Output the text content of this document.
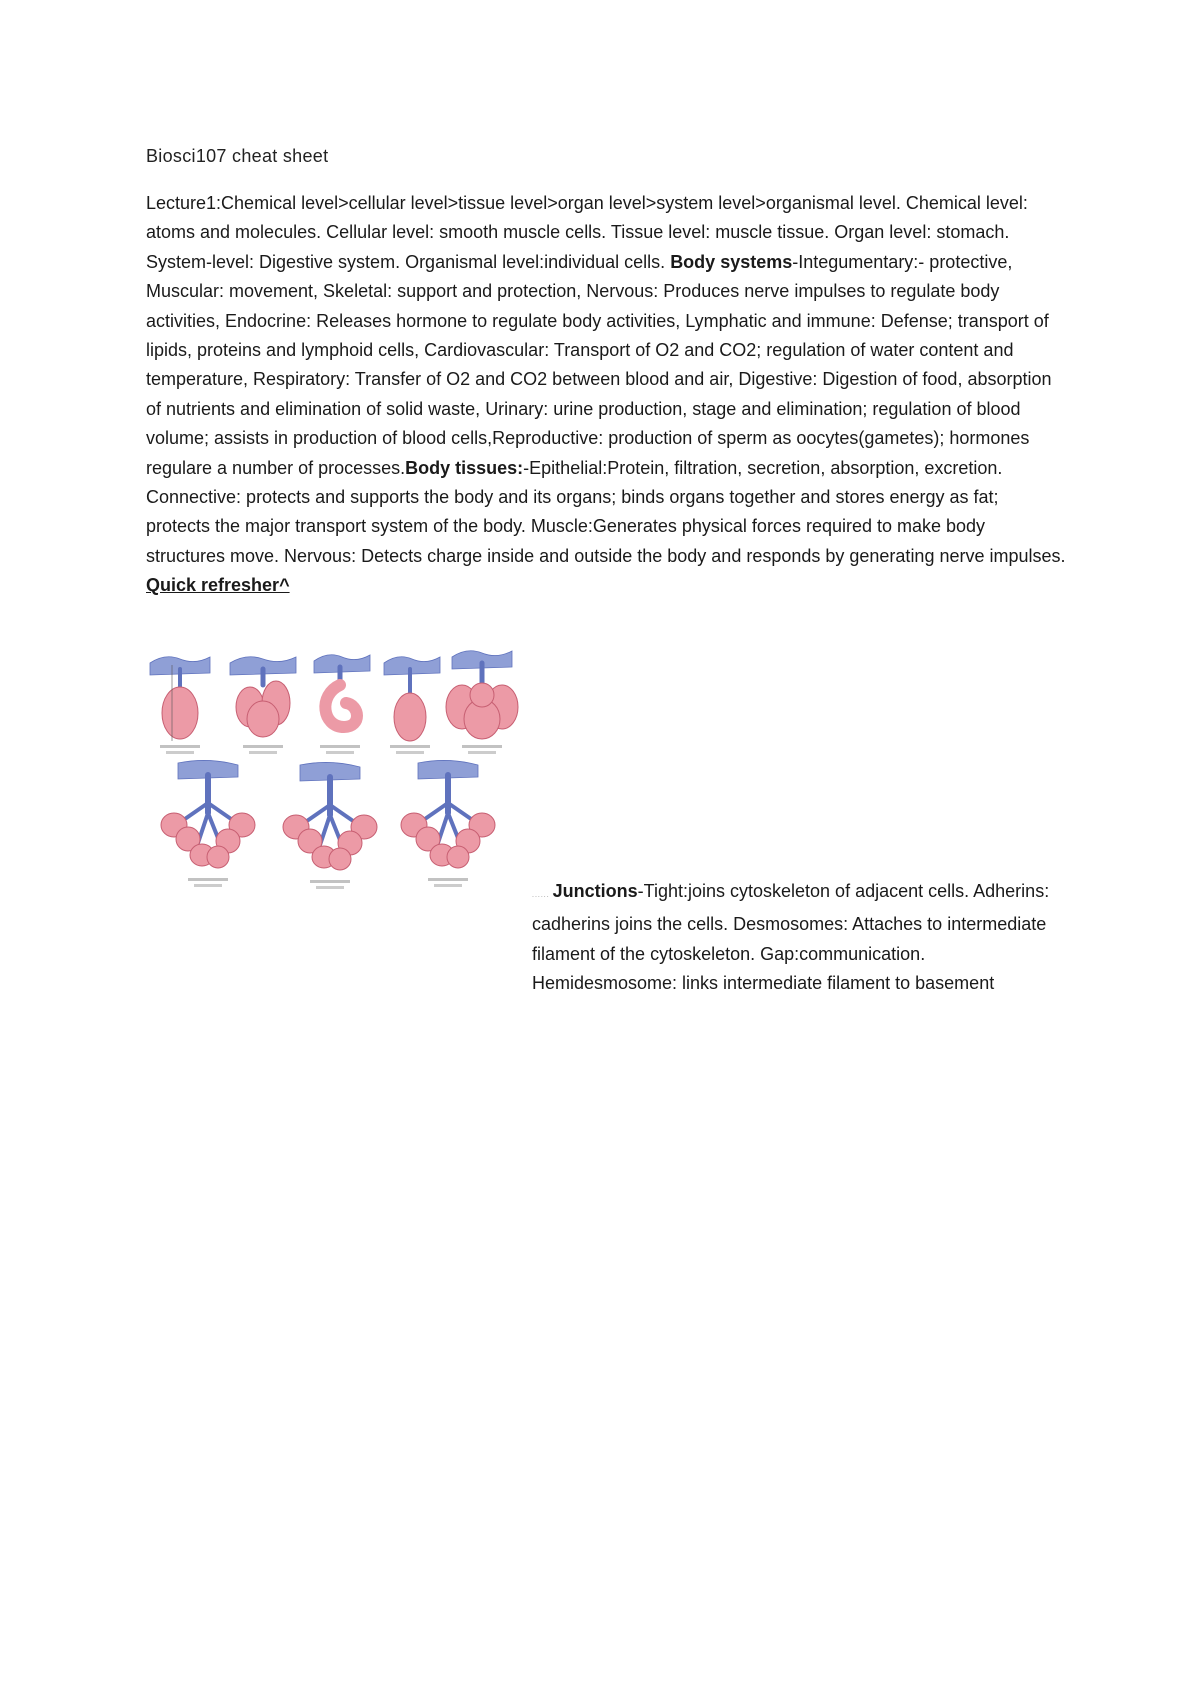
Biosci107 cheat sheet
Lecture1:Chemical level>cellular level>tissue level>organ level>system level>organismal level. Chemical level: atoms and molecules. Cellular level: smooth muscle cells. Tissue level: muscle tissue. Organ level: stomach. System-level: Digestive system. Organismal level:individual cells. Body systems-Integumentary:- protective, Muscular: movement, Skeletal: support and protection, Nervous: Produces nerve impulses to regulate body activities, Endocrine: Releases hormone to regulate body activities, Lymphatic and immune: Defense; transport of lipids, proteins and lymphoid cells, Cardiovascular: Transport of O2 and CO2; regulation of water content and temperature, Respiratory: Transfer of O2 and CO2 between blood and air, Digestive: Digestion of food, absorption of nutrients and elimination of solid waste, Urinary: urine production, stage and elimination; regulation of blood volume; assists in production of blood cells,Reproductive: production of sperm as oocytes(gametes); hormones regulare a number of processes.Body tissues:-Epithelial:Protein, filtration, secretion, absorption, excretion. Connective: protects and supports the body and its organs; binds organs together and stores energy as fat; protects the major transport system of the body. Muscle:Generates physical forces required to make body structures move. Nervous: Detects charge inside and outside the body and responds by generating nerve impulses. Quick refresher^
...... Junctions-Tight:joins cytoskeleton of adjacent cells. Adherins: cadherins joins the cells. Desmosomes: Attaches to intermediate filament of the cytoskeleton. Gap:communication. Hemidesmosome: links intermediate filament to basement
